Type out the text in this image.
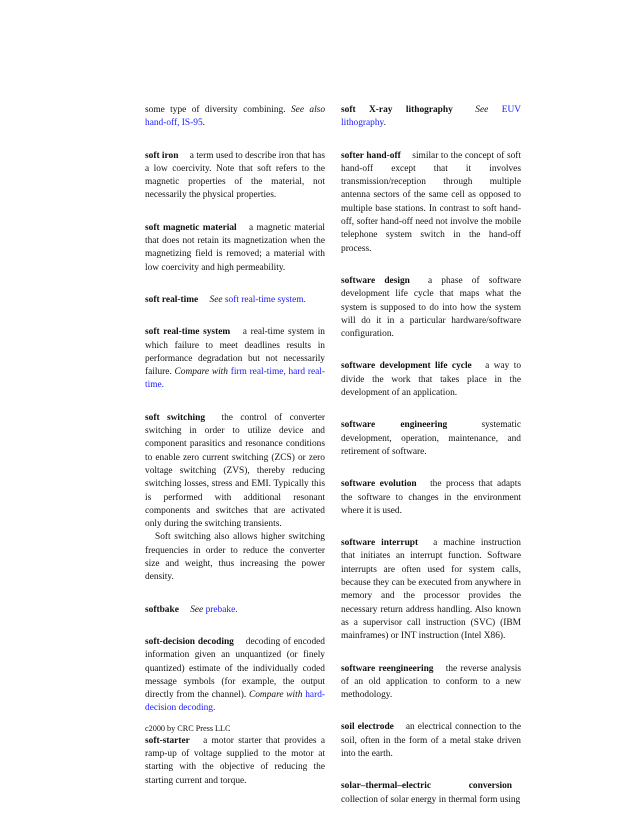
some type of diversity combining. See also hand-off, IS-95.
soft iron a term used to describe iron that has a low coercivity. Note that soft refers to the magnetic properties of the material, not necessarily the physical properties.
soft magnetic material a magnetic material that does not retain its magnetization when the magnetizing field is removed; a material with low coercivity and high permeability.
soft real-time See soft real-time system.
soft real-time system a real-time system in which failure to meet deadlines results in performance degradation but not necessarily failure. Compare with firm real-time, hard real-time.
soft switching the control of converter switching in order to utilize device and component parasitics and resonance conditions to enable zero current switching (ZCS) or zero voltage switching (ZVS), thereby reducing switching losses, stress and EMI. Typically this is performed with additional resonant components and switches that are activated only during the switching transients.
Soft switching also allows higher switching frequencies in order to reduce the converter size and weight, thus increasing the power density.
softbake See prebake.
soft-decision decoding decoding of encoded information given an unquantized (or finely quantized) estimate of the individually coded message symbols (for example, the output directly from the channel). Compare with hard-decision decoding.
soft-starter a motor starter that provides a ramp-up of voltage supplied to the motor at starting with the objective of reducing the starting current and torque.
soft X-ray lithography See EUV lithography.
softer hand-off similar to the concept of soft hand-off except that it involves transmission/reception through multiple antenna sectors of the same cell as opposed to multiple base stations. In contrast to soft hand-off, softer hand-off need not involve the mobile telephone system switch in the hand-off process.
software design a phase of software development life cycle that maps what the system is supposed to do into how the system will do it in a particular hardware/software configuration.
software development life cycle a way to divide the work that takes place in the development of an application.
software engineering	systematic development, operation, maintenance, and retirement of software.
software evolution the process that adapts the software to changes in the environment where it is used.
software interrupt a machine instruction that initiates an interrupt function. Software interrupts are often used for system calls, because they can be executed from anywhere in memory and the processor provides the necessary return address handling. Also known as a supervisor call instruction (SVC) (IBM mainframes) or INT instruction (Intel X86).
software reengineering the reverse analysis of an old application to conform to a new methodology.
soil electrode an electrical connection to the soil, often in the form of a metal stake driven into the earth.
solar–thermal–electric conversion collection of solar energy in thermal form using
c2000 by CRC Press LLC
